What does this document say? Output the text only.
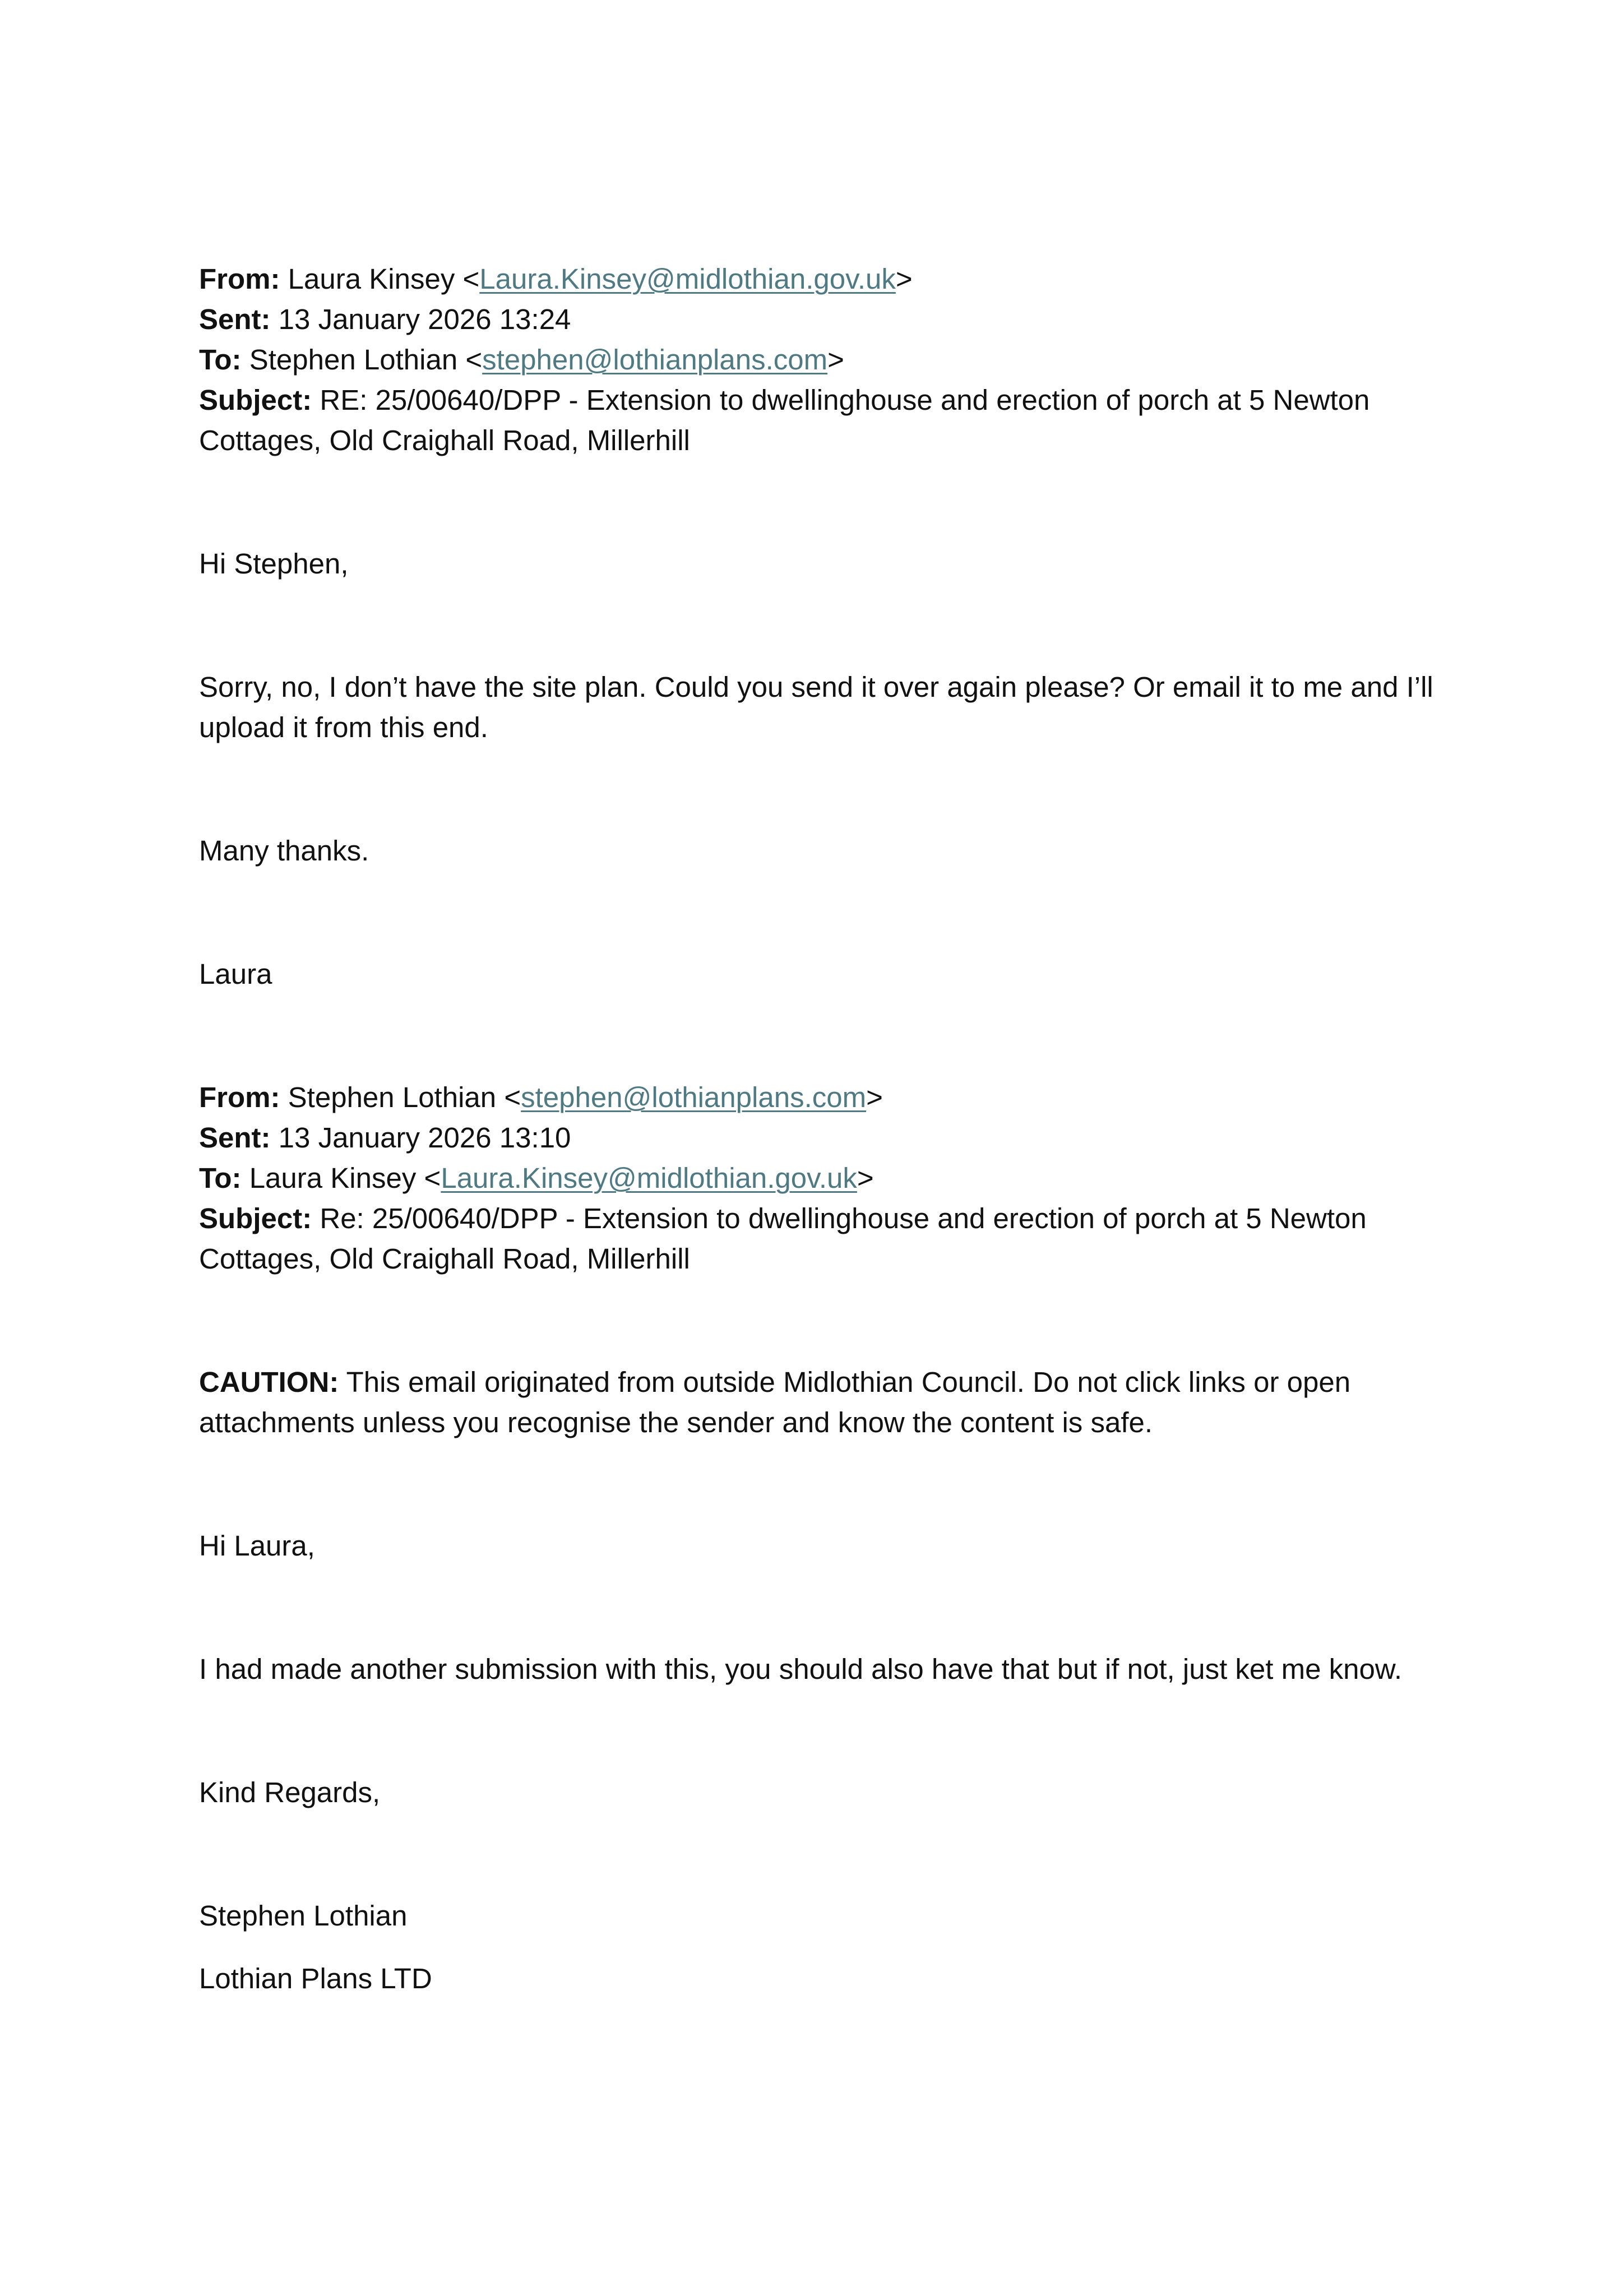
From: Laura Kinsey <Laura.Kinsey@midlothian.gov.uk>
Sent: 13 January 2026 13:24
To: Stephen Lothian <stephen@lothianplans.com>
Subject: RE: 25/00640/DPP - Extension to dwellinghouse and erection of porch at 5 Newton Cottages, Old Craighall Road, Millerhill

Hi Stephen,

Sorry, no, I don’t have the site plan. Could you send it over again please? Or email it to me and I’ll upload it from this end.

Many thanks.

Laura

From: Stephen Lothian <stephen@lothianplans.com>
Sent: 13 January 2026 13:10
To: Laura Kinsey <Laura.Kinsey@midlothian.gov.uk>
Subject: Re: 25/00640/DPP - Extension to dwellinghouse and erection of porch at 5 Newton Cottages, Old Craighall Road, Millerhill

CAUTION: This email originated from outside Midlothian Council. Do not click links or open attachments unless you recognise the sender and know the content is safe.

Hi Laura,

I had made another submission with this, you should also have that but if not, just ket me know.

Kind Regards,

Stephen Lothian

Lothian Plans LTD
